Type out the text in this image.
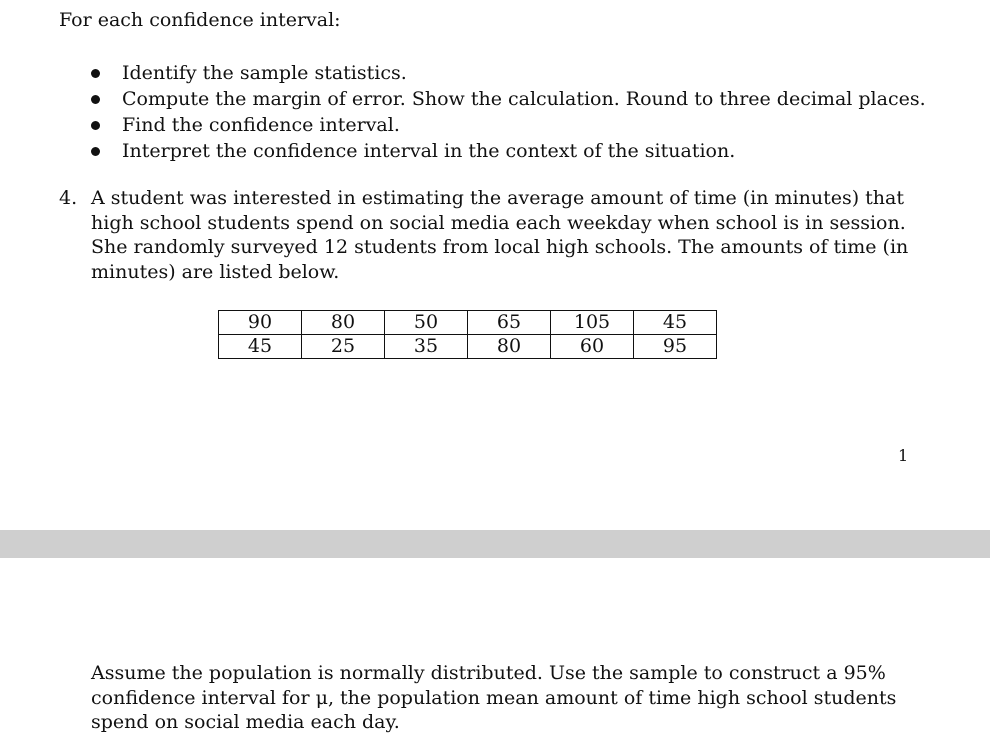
For each confidence interval:

Identify the sample statistics.
Compute the margin of error. Show the calculation. Round to three decimal places.
Find the confidence interval.
Interpret the confidence interval in the context of the situation.
4. A student was interested in estimating the average amount of time (in minutes) that high school students spend on social media each weekday when school is in session. She randomly surveyed 12 students from local high schools. The amounts of time (in minutes) are listed below.

90	80	50	65	105	45
45	25	35	80	60	95
1

Assume the population is normally distributed. Use the sample to construct a 95% confidence interval for μ, the population mean amount of time high school students spend on social media each day.
